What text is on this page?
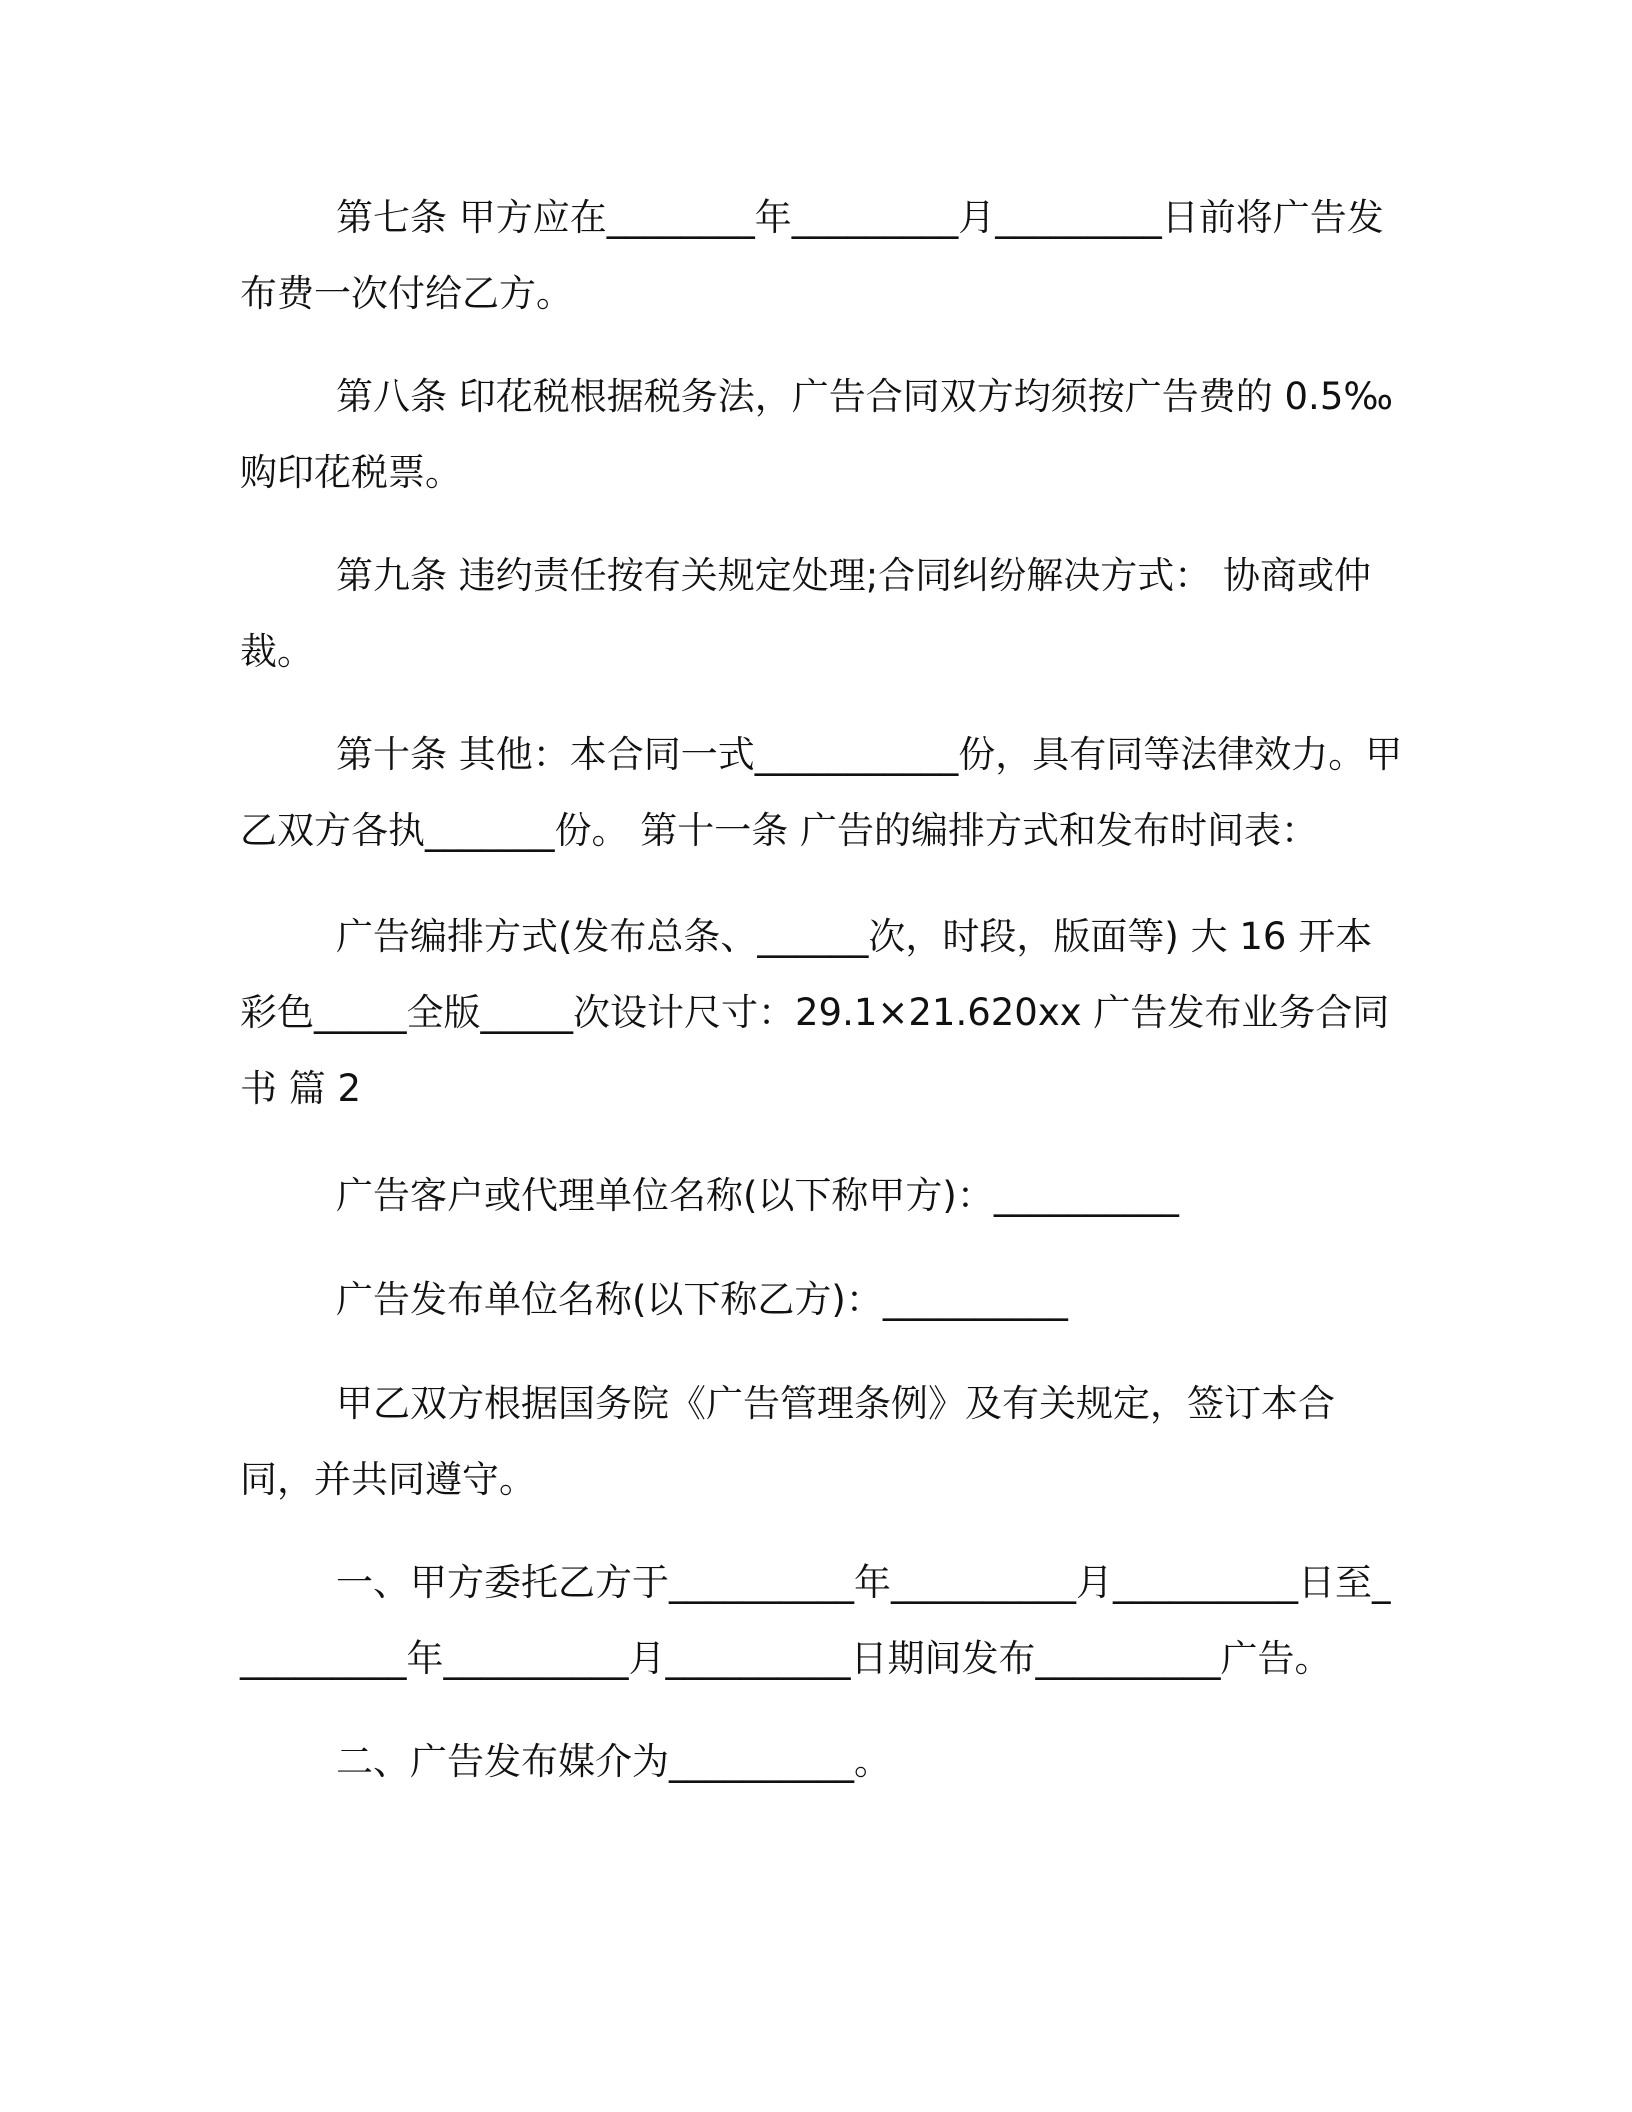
第七条 甲方应在________年_________月_________日前将广告发布费一次付给乙方。

第八条 印花税根据税务法，广告合同双方均须按广告费的 0.5‰购印花税票。

第九条 违约责任按有关规定处理;合同纠纷解决方式： 协商或仲裁。

第十条 其他：本合同一式___________份，具有同等法律效力。甲乙双方各执_______份。 第十一条 广告的编排方式和发布时间表：

广告编排方式(发布总条、______次，时段，版面等) 大 16 开本彩色_____全版_____次设计尺寸：29.1×21.620xx 广告发布业务合同书 篇 2

广告客户或代理单位名称(以下称甲方)：__________

广告发布单位名称(以下称乙方)：__________

甲乙双方根据国务院《广告管理条例》及有关规定，签订本合同，并共同遵守。

一、甲方委托乙方于__________年__________月__________日至__________年__________月__________日期间发布__________广告。

二、广告发布媒介为__________。
